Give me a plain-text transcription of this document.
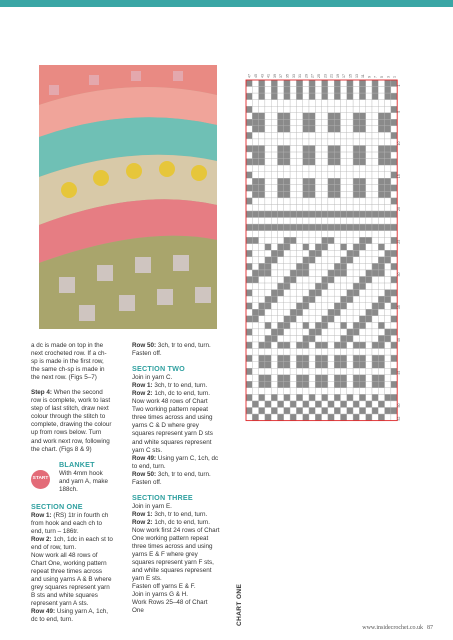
a dc is made on top in the next crocheted row. If a ch-sp is made in the first row, the same ch-sp is made in the next row. (Figs 5–7)

Step 4: When the second row is complete, work to last step of last stitch, draw next colour through the stitch to complete, drawing the colour up from rows below. Turn and work next row, following the chart. (Figs 8 & 9)

START
BLANKET
With 4mm hook and yarn A, make 188ch.
SECTION ONE
Row 1: (RS) 1tr in fourth ch from hook and each ch to end, turn – 186tr.
Row 2: 1ch, 1dc in each st to end of row, turn.
Now work all 48 rows of Chart One, working pattern repeat three times across and using yarns A & B where grey squares represent yarn B sts and white squares represent yarn A sts.
Row 49: Using yarn A, 1ch, dc to end, turn.

Row 50: 3ch, tr to end, turn. Fasten off.

SECTION TWO
Join in yarn C.
Row 1: 3ch, tr to end, turn.
Row 2: 1ch, dc to end, turn.
Now work 48 rows of Chart Two working pattern repeat three times across and using yarns C & D where grey squares represent yarn D sts and white squares represent yarn C sts.
Row 49: Using yarn C, 1ch, dc to end, turn.

Row 50: 3ch, tr to end, turn. Fasten off.

SECTION THREE
Join in yarn E.
Row 1: 3ch, tr to end, turn.
Row 2: 1ch, dc to end, turn.
Now work first 24 rows of Chart One working pattern repeat three times across and using yarns E & F where grey squares represent yarn F sts, and white squares represent yarn E sts.
Fasten off yarns E & F.
Join in yarns G & H.
Work Rows 25–48 of Chart One
47 45 43 41 39 37 35 33 31 29 27 25 23 21 19 17 15 13 11 9 7 5 3 1
1
5
10
15
20
25
30
35
40
45
50
52
CHART ONE
www.insidecrochet.co.uk 87
